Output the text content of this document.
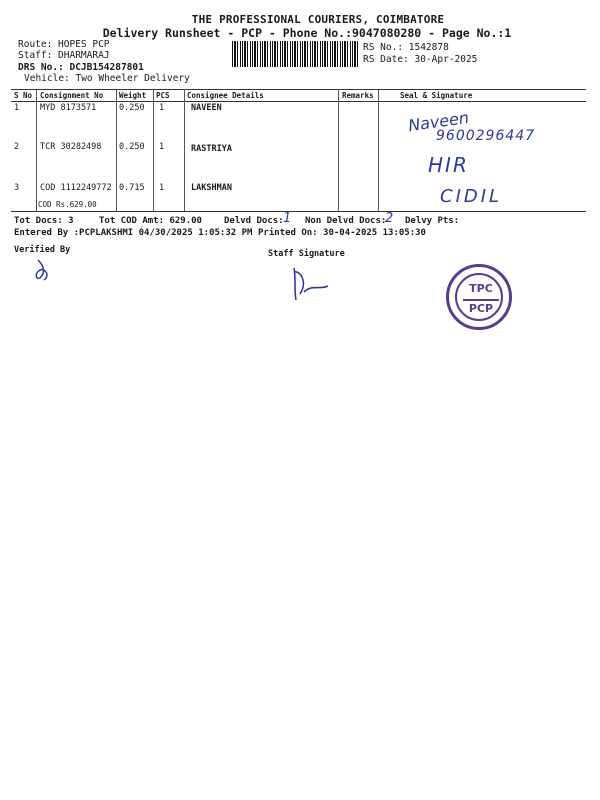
THE PROFESSIONAL COURIERS, COIMBATORE
Delivery Runsheet - PCP - Phone No.:9047080280 - Page No.:1
Route: HOPES PCP
Staff: DHARMARAJ
DRS No.: DCJB154287801
Vehicle: Two Wheeler Delivery
RS No.: 1542878
RS Date: 30-Apr-2025
S No Consignment No Weight PCS Consignee Details	Remarks	Seal & Signature
1 MYD 8173571	0.250 1	NAVEEN
2 TCR 30282498 0.250 1	RASTRIYA
3 COD 1112249772 0.715 1	LAKSHMAN
COD Rs.629.00
Naveen
9600296447
HIR
CIDIL
Tot Docs: 3	Tot COD Amt: 629.00 Delvd Docs: 1 Non Delvd Docs:
2 Delvy Pts:
Entered By :PCPLAKSHMI 04/30/2025 1:05:32 PM Printed On: 30-04-2025 13:05:30
Verified By	Staff Signature
TPC
PCP
